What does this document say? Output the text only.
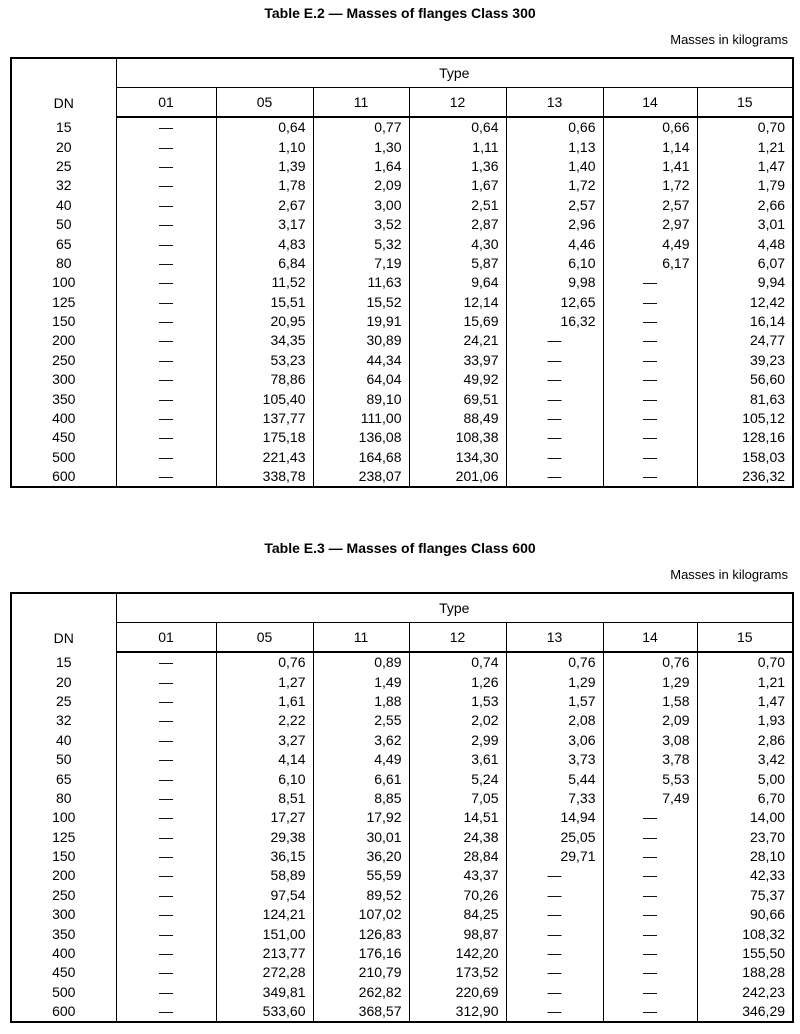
Table E.2 — Masses of flanges Class 300
Masses in kilograms
DN	Type						
	01	05	11	12	13	14	15
15	—	0,64	0,77	0,64	0,66	0,66	0,70
20	—	1,10	1,30	1,11	1,13	1,14	1,21
25	—	1,39	1,64	1,36	1,40	1,41	1,47
32	—	1,78	2,09	1,67	1,72	1,72	1,79
40	—	2,67	3,00	2,51	2,57	2,57	2,66
50	—	3,17	3,52	2,87	2,96	2,97	3,01
65	—	4,83	5,32	4,30	4,46	4,49	4,48
80	—	6,84	7,19	5,87	6,10	6,17	6,07
100	—	11,52	11,63	9,64	9,98	—	9,94
125	—	15,51	15,52	12,14	12,65	—	12,42
150	—	20,95	19,91	15,69	16,32	—	16,14
200	—	34,35	30,89	24,21	—	—	24,77
250	—	53,23	44,34	33,97	—	—	39,23
300	—	78,86	64,04	49,92	—	—	56,60
350	—	105,40	89,10	69,51	—	—	81,63
400	—	137,77	111,00	88,49	—	—	105,12
450	—	175,18	136,08	108,38	—	—	128,16
500	—	221,43	164,68	134,30	—	—	158,03
600	—	338,78	238,07	201,06	—	—	236,32
Table E.3 — Masses of flanges Class 600
Masses in kilograms
DN	Type						
	01	05	11	12	13	14	15
15	—	0,76	0,89	0,74	0,76	0,76	0,70
20	—	1,27	1,49	1,26	1,29	1,29	1,21
25	—	1,61	1,88	1,53	1,57	1,58	1,47
32	—	2,22	2,55	2,02	2,08	2,09	1,93
40	—	3,27	3,62	2,99	3,06	3,08	2,86
50	—	4,14	4,49	3,61	3,73	3,78	3,42
65	—	6,10	6,61	5,24	5,44	5,53	5,00
80	—	8,51	8,85	7,05	7,33	7,49	6,70
100	—	17,27	17,92	14,51	14,94	—	14,00
125	—	29,38	30,01	24,38	25,05	—	23,70
150	—	36,15	36,20	28,84	29,71	—	28,10
200	—	58,89	55,59	43,37	—	—	42,33
250	—	97,54	89,52	70,26	—	—	75,37
300	—	124,21	107,02	84,25	—	—	90,66
350	—	151,00	126,83	98,87	—	—	108,32
400	—	213,77	176,16	142,20	—	—	155,50
450	—	272,28	210,79	173,52	—	—	188,28
500	—	349,81	262,82	220,69	—	—	242,23
600	—	533,60	368,57	312,90	—	—	346,29
